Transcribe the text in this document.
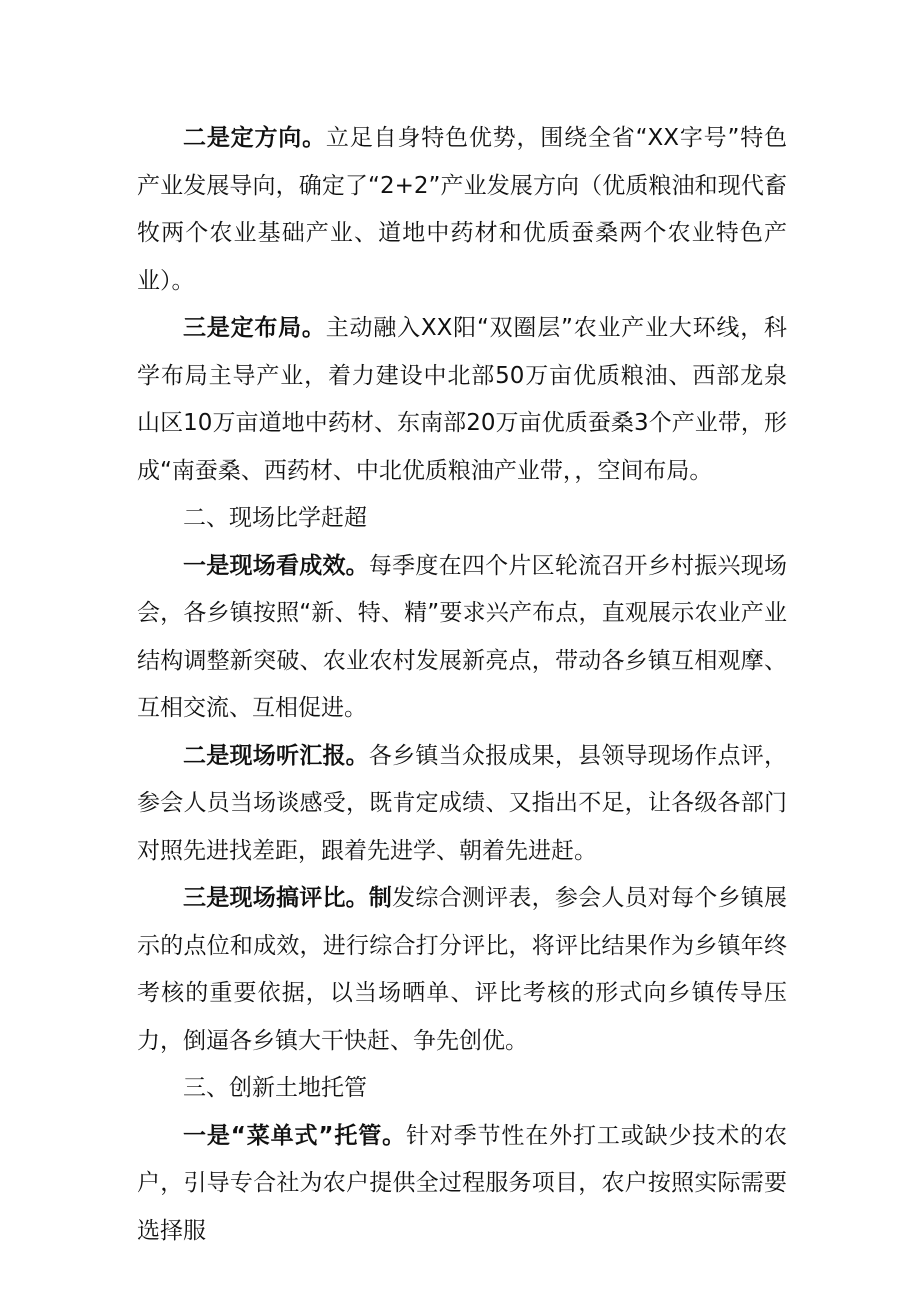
二是定方向。立足自身特色优势，围绕全省“XX字号”特色产业发展导向，确定了“2+2”产业发展方向（优质粮油和现代畜牧两个农业基础产业、道地中药材和优质蚕桑两个农业特色产业）。

三是定布局。主动融入XX阳“双圈层”农业产业大环线，科学布局主导产业，着力建设中北部50万亩优质粮油、西部龙泉山区10万亩道地中药材、东南部20万亩优质蚕桑3个产业带，形成“南蚕桑、西药材、中北优质粮油产业带，，空间布局。

二、现场比学赶超

一是现场看成效。每季度在四个片区轮流召开乡村振兴现场会，各乡镇按照“新、特、精”要求兴产布点，直观展示农业产业结构调整新突破、农业农村发展新亮点，带动各乡镇互相观摩、互相交流、互相促进。

二是现场听汇报。各乡镇当众报成果，县领导现场作点评，参会人员当场谈感受，既肯定成绩、又指出不足，让各级各部门对照先进找差距，跟着先进学、朝着先进赶。

三是现场搞评比。制发综合测评表，参会人员对每个乡镇展示的点位和成效，进行综合打分评比，将评比结果作为乡镇年终考核的重要依据，以当场晒单、评比考核的形式向乡镇传导压力，倒逼各乡镇大干快赶、争先创优。

三、创新土地托管

一是“菜单式”托管。针对季节性在外打工或缺少技术的农户，引导专合社为农户提供全过程服务项目，农户按照实际需要选择服
